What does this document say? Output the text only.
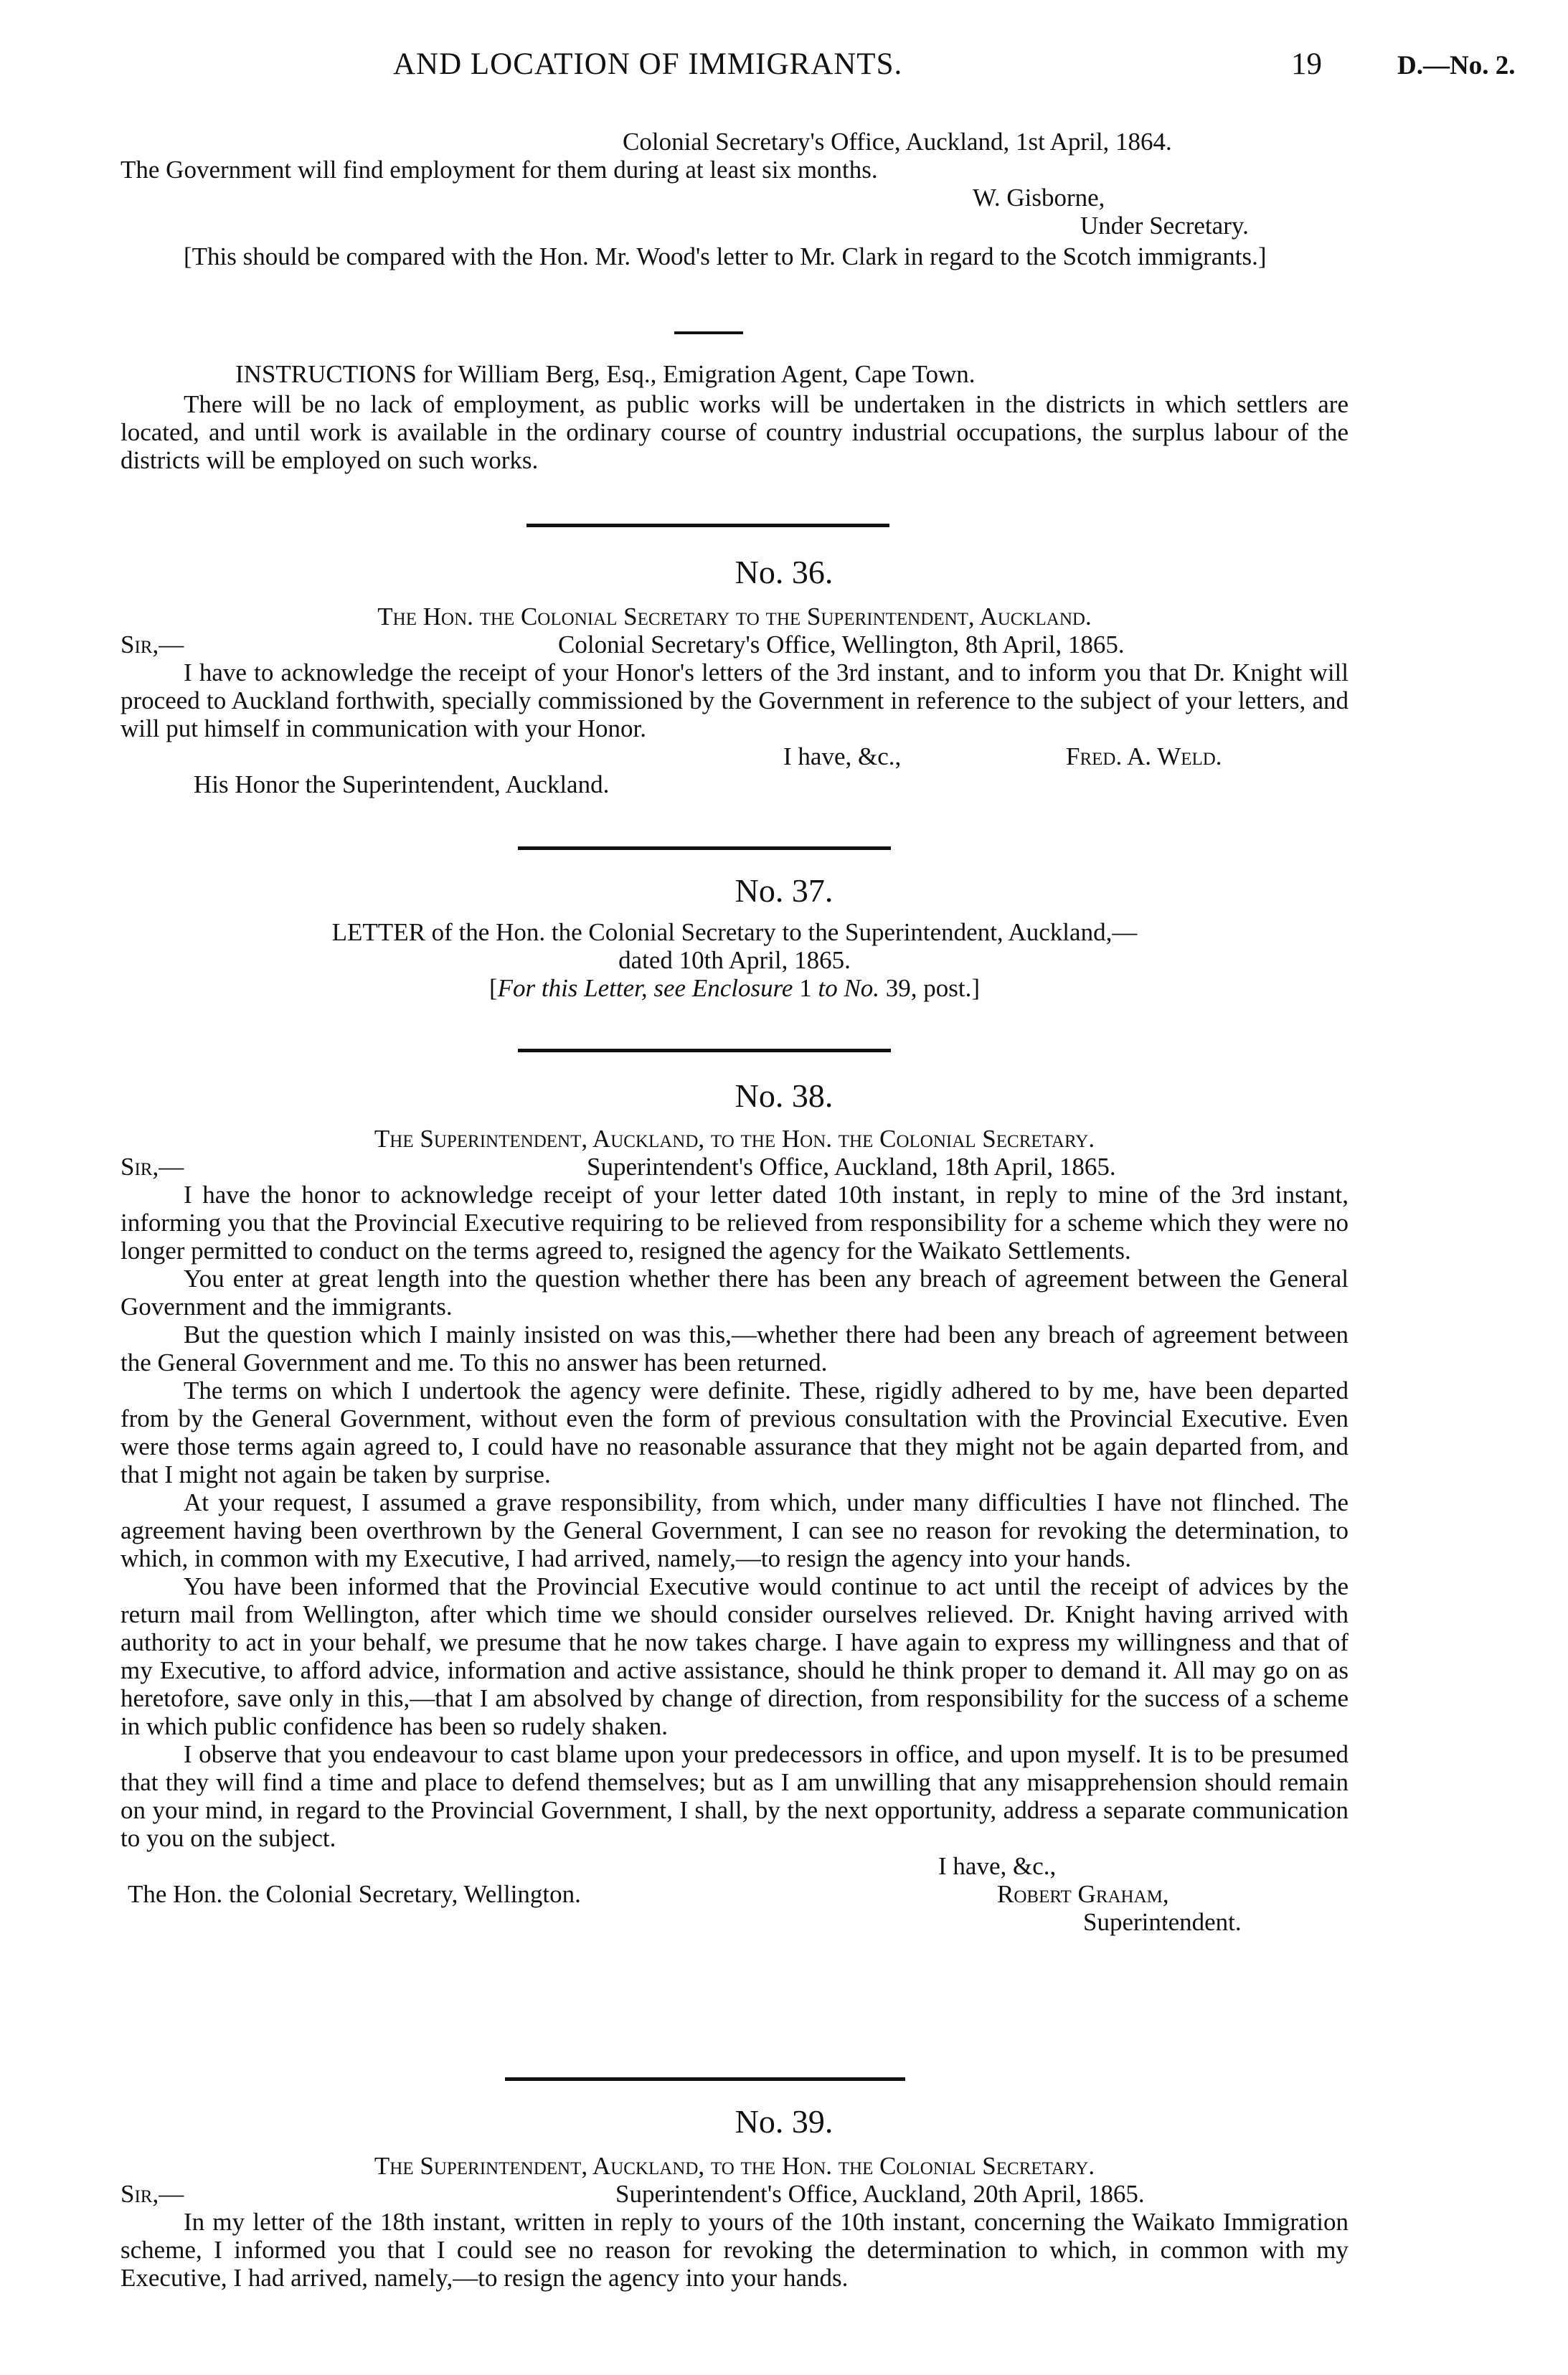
AND LOCATION OF IMMIGRANTS.	19	D.—No. 2.
Colonial Secretary's Office, Auckland, 1st April, 1864.
The Government will find employment for them during at least six months.
W. Gisborne,
Under Secretary.
[This should be compared with the Hon. Mr. Wood's letter to Mr. Clark in regard to the Scotch immigrants.]
INSTRUCTIONS for William Berg, Esq., Emigration Agent, Cape Town.
There will be no lack of employment, as public works will be undertaken in the districts in which settlers are located, and until work is available in the ordinary course of country industrial occupations, the surplus labour of the districts will be employed on such works.
No. 36.
The Hon. the Colonial Secretary to the Superintendent, Auckland.
Sir,—	Colonial Secretary's Office, Wellington, 8th April, 1865.
I have to acknowledge the receipt of your Honor's letters of the 3rd instant, and to inform you that Dr. Knight will proceed to Auckland forthwith, specially commissioned by the Government in reference to the subject of your letters, and will put himself in communication with your Honor.
I have, &c.,	Fred. A. Weld.
His Honor the Superintendent, Auckland.
No. 37.
LETTER of the Hon. the Colonial Secretary to the Superintendent, Auckland,—
dated 10th April, 1865.
[For this Letter, see Enclosure 1 to No. 39, post.]
No. 38.
The Superintendent, Auckland, to the Hon. the Colonial Secretary.
Sir,—	Superintendent's Office, Auckland, 18th April, 1865.
I have the honor to acknowledge receipt of your letter dated 10th instant, in reply to mine of the 3rd instant, informing you that the Provincial Executive requiring to be relieved from responsibility for a scheme which they were no longer permitted to conduct on the terms agreed to, resigned the agency for the Waikato Settlements.
You enter at great length into the question whether there has been any breach of agreement between the General Government and the immigrants.
But the question which I mainly insisted on was this,—whether there had been any breach of agreement between the General Government and me. To this no answer has been returned.
The terms on which I undertook the agency were definite. These, rigidly adhered to by me, have been departed from by the General Government, without even the form of previous consultation with the Provincial Executive. Even were those terms again agreed to, I could have no reasonable assurance that they might not be again departed from, and that I might not again be taken by surprise.
At your request, I assumed a grave responsibility, from which, under many difficulties I have not flinched. The agreement having been overthrown by the General Government, I can see no reason for revoking the determination, to which, in common with my Executive, I had arrived, namely,—to resign the agency into your hands.
You have been informed that the Provincial Executive would continue to act until the receipt of advices by the return mail from Wellington, after which time we should consider ourselves relieved. Dr. Knight having arrived with authority to act in your behalf, we presume that he now takes charge. I have again to express my willingness and that of my Executive, to afford advice, information and active assistance, should he think proper to demand it. All may go on as heretofore, save only in this,—that I am absolved by change of direction, from responsibility for the success of a scheme in which public confidence has been so rudely shaken.
I observe that you endeavour to cast blame upon your predecessors in office, and upon myself. It is to be presumed that they will find a time and place to defend themselves; but as I am unwilling that any misapprehension should remain on your mind, in regard to the Provincial Government, I shall, by the next opportunity, address a separate communication to you on the subject.
I have, &c.,
The Hon. the Colonial Secretary, Wellington.	Robert Graham,
Superintendent.
No. 39.
The Superintendent, Auckland, to the Hon. the Colonial Secretary.
Sir,—	Superintendent's Office, Auckland, 20th April, 1865.
In my letter of the 18th instant, written in reply to yours of the 10th instant, concerning the Waikato Immigration scheme, I informed you that I could see no reason for revoking the determination to which, in common with my Executive, I had arrived, namely,—to resign the agency into your hands.
